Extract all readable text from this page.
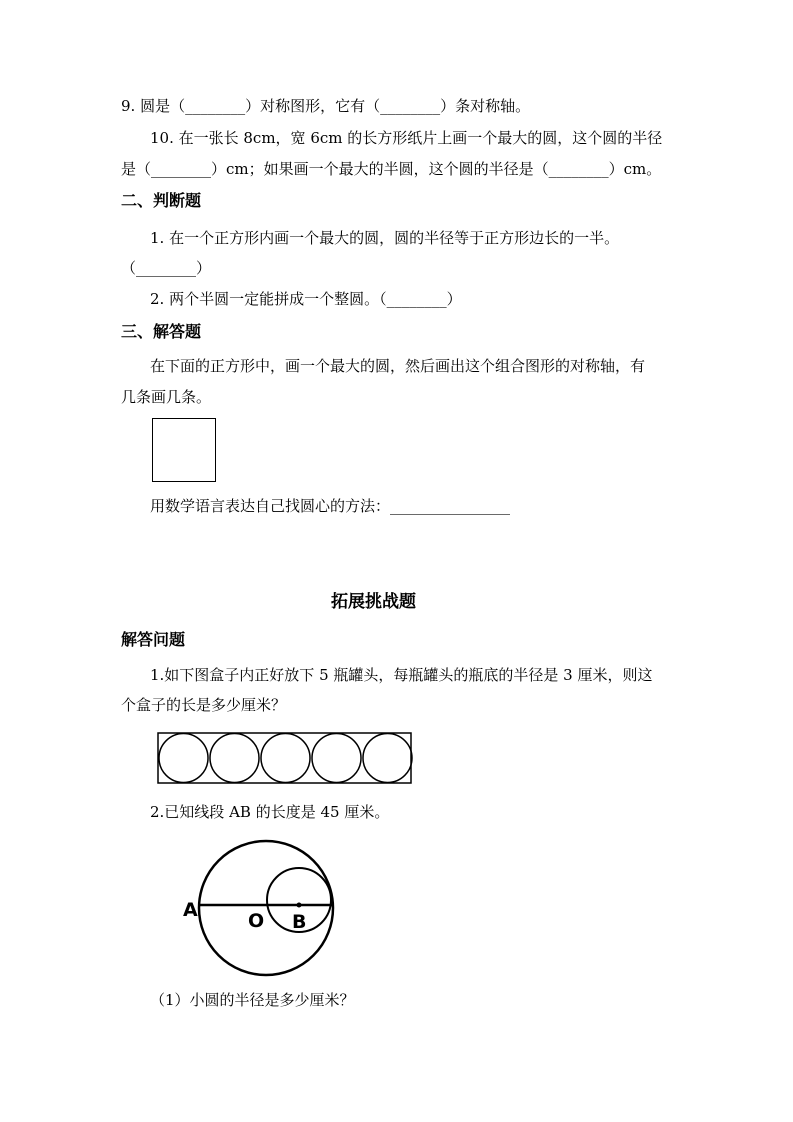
9. 圆是（________）对称图形，它有（________）条对称轴。
10. 在一张长 8cm，宽 6cm 的长方形纸片上画一个最大的圆，这个圆的半径
是（________）cm；如果画一个最大的半圆，这个圆的半径是（________）cm。
二、判断题
1. 在一个正方形内画一个最大的圆，圆的半径等于正方形边长的一半。
（________）
2. 两个半圆一定能拼成一个整圆。（________）
三、解答题
在下面的正方形中，画一个最大的圆，然后画出这个组合图形的对称轴，有
几条画几条。
用数学语言表达自己找圆心的方法：________________
拓展挑战题
解答问题
1.如下图盒子内正好放下 5 瓶罐头，每瓶罐头的瓶底的半径是 3 厘米，则这
个盒子的长是多少厘米？
2.已知线段 AB 的长度是 45 厘米。
A	O B
（1）小圆的半径是多少厘米？
